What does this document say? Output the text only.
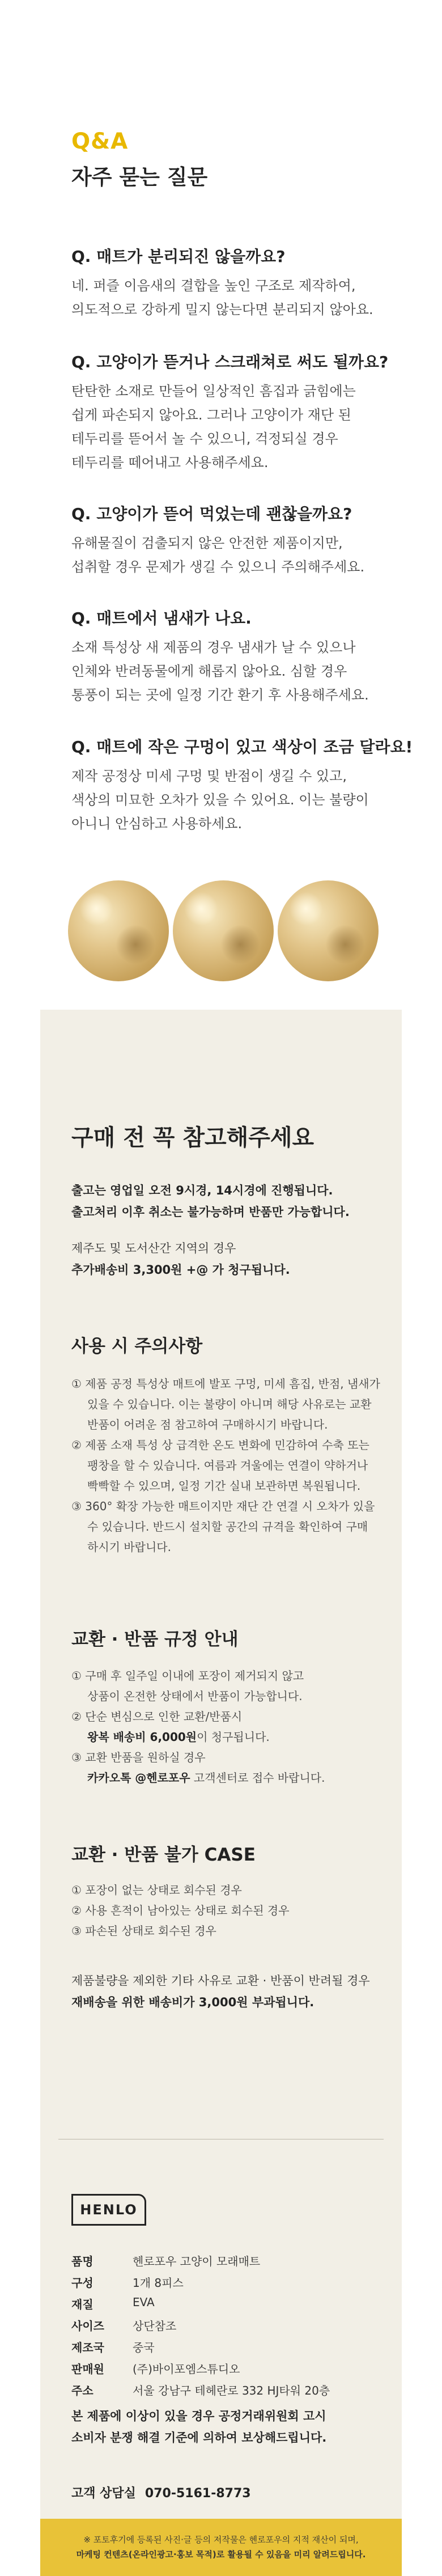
Q&A
자주 묻는 질문
Q. 매트가 분리되진 않을까요?
네. 퍼즐 이음새의 결합을 높인 구조로 제작하여,
의도적으로 강하게 밀지 않는다면 분리되지 않아요.
Q. 고양이가 뜯거나 스크래쳐로 써도 될까요?
탄탄한 소재로 만들어 일상적인 흠집과 긁힘에는
쉽게 파손되지 않아요. 그러나 고양이가 재단 된
테두리를 뜯어서 놀 수 있으니, 걱정되실 경우
테두리를 떼어내고 사용해주세요.
Q. 고양이가 뜯어 먹었는데 괜찮을까요?
유해물질이 검출되지 않은 안전한 제품이지만,
섭취할 경우 문제가 생길 수 있으니 주의해주세요.
Q. 매트에서 냄새가 나요.
소재 특성상 새 제품의 경우 냄새가 날 수 있으나
인체와 반려동물에게 해롭지 않아요. 심할 경우
통풍이 되는 곳에 일정 기간 환기 후 사용해주세요.
Q. 매트에 작은 구멍이 있고 색상이 조금 달라요!
제작 공정상 미세 구멍 및 반점이 생길 수 있고,
색상의 미묘한 오차가 있을 수 있어요. 이는 불량이
아니니 안심하고 사용하세요.
구매 전 꼭 참고해주세요
출고는 영업일 오전 9시경, 14시경에 진행됩니다.
출고처리 이후 취소는 불가능하며 반품만 가능합니다.
제주도 및 도서산간 지역의 경우
추가배송비 3,300원 +@ 가 청구됩니다.
사용 시 주의사항
① 제품 공정 특성상 매트에 발포 구멍, 미세 흠집, 반점, 냄새가
있을 수 있습니다. 이는 불량이 아니며 해당 사유로는 교환
반품이 어려운 점 참고하여 구매하시기 바랍니다.
② 제품 소재 특성 상 급격한 온도 변화에 민감하여 수축 또는
팽창을 할 수 있습니다. 여름과 겨울에는 연결이 약하거나
빡빡할 수 있으며, 일정 기간 실내 보관하면 복원됩니다.
③ 360° 확장 가능한 매트이지만 재단 간 연결 시 오차가 있을
수 있습니다. 반드시 설치할 공간의 규격을 확인하여 구매
하시기 바랍니다.
교환 · 반품 규정 안내
① 구매 후 일주일 이내에 포장이 제거되지 않고
상품이 온전한 상태에서 반품이 가능합니다.
② 단순 변심으로 인한 교환/반품시
왕복 배송비 6,000원이 청구됩니다.
③ 교환 반품을 원하실 경우
카카오톡 @헨로포우 고객센터로 접수 바랍니다.
교환 · 반품 불가 CASE
① 포장이 없는 상태로 회수된 경우
② 사용 흔적이 남아있는 상태로 회수된 경우
③ 파손된 상태로 회수된 경우
제품불량을 제외한 기타 사유로 교환 · 반품이 반려될 경우
재배송을 위한 배송비가 3,000원 부과됩니다.
HENLO
품명	헨로포우 고양이 모래매트
구성	1개 8피스
재질	EVA
사이즈	상단참조
제조국	중국
판매원	(주)바이포엠스튜디오
주소	서울 강남구 테헤란로 332 HJ타워 20층
본 제품에 이상이 있을 경우 공정거래위원회 고시
소비자 분쟁 해결 기준에 의하여 보상해드립니다.
고객 상담실 070-5161-8773
※ 포토후기에 등록된 사진·글 등의 저작물은 헨로포우의 지적 재산이 되며,
마케팅 컨텐츠(온라인광고·홍보 목적)로 활용될 수 있음을 미리 알려드립니다.
